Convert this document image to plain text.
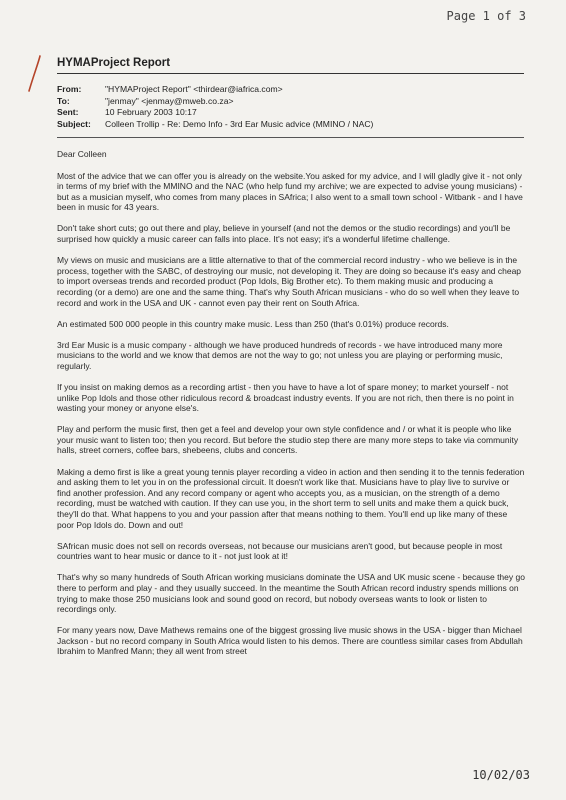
Page 1 of 3
HYMAProject Report
From:	"HYMAProject Report" <thirdear@iafrica.com>
To:	"jenmay" <jenmay@mweb.co.za>
Sent:	10 February 2003 10:17
Subject:	Colleen Trollip - Re: Demo Info - 3rd Ear Music advice (MMINO / NAC)

Dear Colleen

Most of the advice that we can offer you is already on the website.You asked for my advice, and I will gladly give it - not only in terms of my brief with the MMINO and the NAC (who help fund my archive; we are expected to advise young musicians) - but as a musician myself, who comes from many places in SAfrica; I also went to a small town school - Witbank - and I have been in music for 43 years.

Don't take short cuts; go out there and play, believe in yourself (and not the demos or the studio recordings) and you'll be surprised how quickly a music career can falls into place. It's not easy; it's a wonderful lifetime challenge.

My views on music and musicians are a little alternative to that of the commercial record industry - who we believe is in the process, together with the SABC, of destroying our music, not developing it. They are doing so because it's easy and cheap to import overseas trends and recorded product (Pop Idols, Big Brother etc). To them making music and producing a recording (or a demo) are one and the same thing. That's why South African musicians - who do so well when they leave to record and work in the USA and UK - cannot even pay their rent on South Africa.

An estimated 500 000 people in this country make music. Less than 250 (that's 0.01%) produce records.

3rd Ear Music is a music company - although we have produced hundreds of records - we have introduced many more musicians to the world and we know that demos are not the way to go; not unless you are playing or performing music, regularly.

If you insist on making demos as a recording artist - then you have to have a lot of spare money; to market yourself - not unlike Pop Idols and those other ridiculous record & broadcast industry events. If you are not rich, then there is no point in wasting your money or anyone else's.

Play and perform the music first, then get a feel and develop your own style confidence and / or what it is people who like your music want to listen too; then you record. But before the studio step there are many more steps to take via community halls, street corners, coffee bars, shebeens, clubs and concerts.

Making a demo first is like a great young tennis player recording a video in action and then sending it to the tennis federation and asking them to let you in on the professional circuit. It doesn't work like that. Musicians have to play live to survive or find another profession. And any record company or agent who accepts you, as a musician, on the strength of a demo recording, must be watched with caution. If they can use you, in the short term to sell units and make them a quick buck, they'll do that. What happens to you and your passion after that means nothing to them. You'll end up like many of these poor Pop Idols do. Down and out!

SAfrican music does not sell on records overseas, not because our musicians aren't good, but because people in most countries want to hear music or dance to it - not just look at it!

That's why so many hundreds of South African working musicians dominate the USA and UK music scene - because they go there to perform and play - and they usually succeed. In the meantime the South African record industry spends millions on trying to make those 250 musicians look and sound good on record, but nobody overseas wants to look or listen to recordings only.

For many years now, Dave Mathews remains one of the biggest grossing live music shows in the USA - bigger than Michael Jackson - but no record company in South Africa would listen to his demos. There are countless similar cases from Abdullah Ibrahim to Manfred Mann; they all went from street

10/02/03
